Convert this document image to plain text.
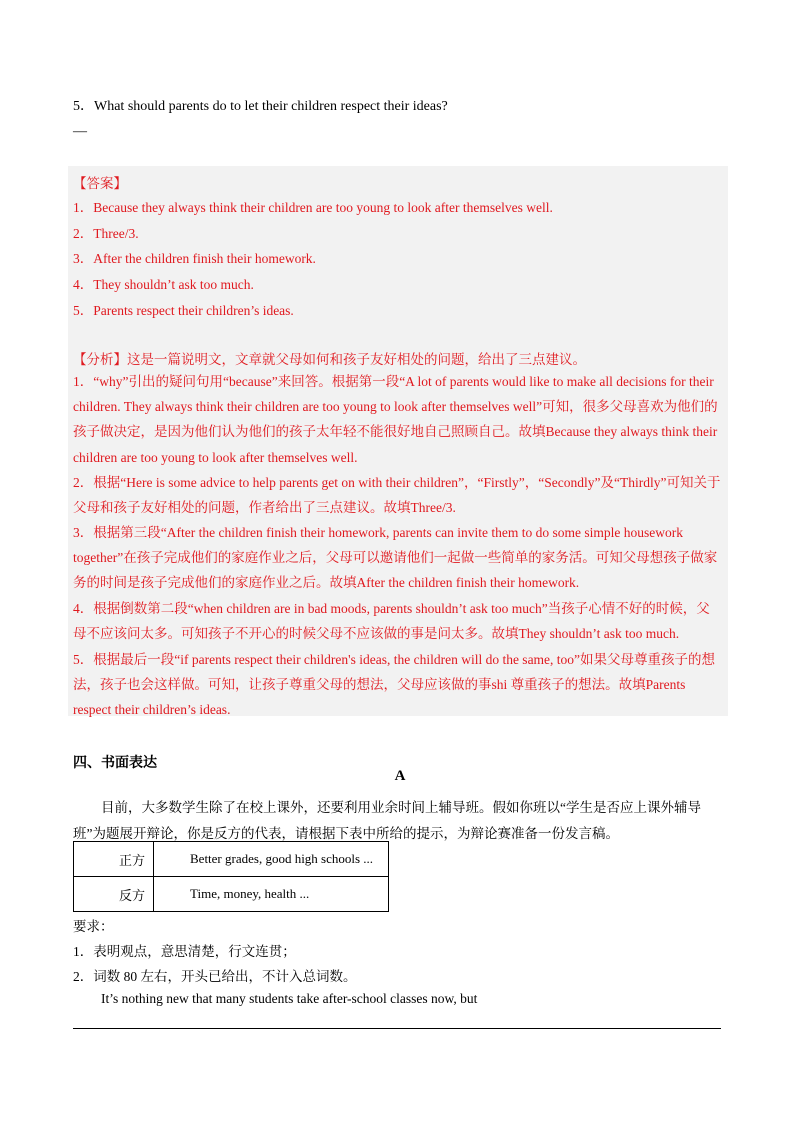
5．What should parents do to let their children respect their ideas?
—
【答案】
1．Because they always think their children are too young to look after themselves well.
2．Three/3.
3．After the children finish their homework.
4．They shouldn’t ask too much.
5．Parents respect their children’s ideas.
【分析】这是一篇说明文，文章就父母如何和孩子友好相处的问题，给出了三点建议。
1．“why”引出的疑问句用“because”来回答。根据第一段“A lot of parents would like to make all decisions for their children. They always think their children are too young to look after themselves well”可知，很多父母喜欢为他们的孩子做决定，是因为他们认为他们的孩子太年轻不能很好地自己照顾自己。故填Because they always think their children are too young to look after themselves well.
2．根据“Here is some advice to help parents get on with their children”，“Firstly”，“Secondly”及“Thirdly”可知关于父母和孩子友好相处的问题，作者给出了三点建议。故填Three/3.
3．根据第三段“After the children finish their homework, parents can invite them to do some simple housework together”在孩子完成他们的家庭作业之后，父母可以邀请他们一起做一些简单的家务活。可知父母想孩子做家务的时间是孩子完成他们的家庭作业之后。故填After the children finish their homework.
4．根据倒数第二段“when children are in bad moods, parents shouldn’t ask too much”当孩子心情不好的时候，父母不应该问太多。可知孩子不开心的时候父母不应该做的事是问太多。故填They shouldn’t ask too much.
5．根据最后一段“if parents respect their children's ideas, the children will do the same, too”如果父母尊重孩子的想法，孩子也会这样做。可知，让孩子尊重父母的想法，父母应该做的事shi 尊重孩子的想法。故填Parents respect their children’s ideas.
四、书面表达
A
目前，大多数学生除了在校上课外，还要利用业余时间上辅导班。假如你班以“学生是否应上课外辅导班”为题展开辩论，你是反方的代表，请根据下表中所给的提示，为辩论赛准备一份发言稿。
正方	Better grades, good high schools ...
反方	Time, money, health ...
要求：
1．表明观点，意思清楚，行文连贯；
2．词数 80 左右，开头已给出，不计入总词数。
It’s nothing new that many students take after-school classes now, but
